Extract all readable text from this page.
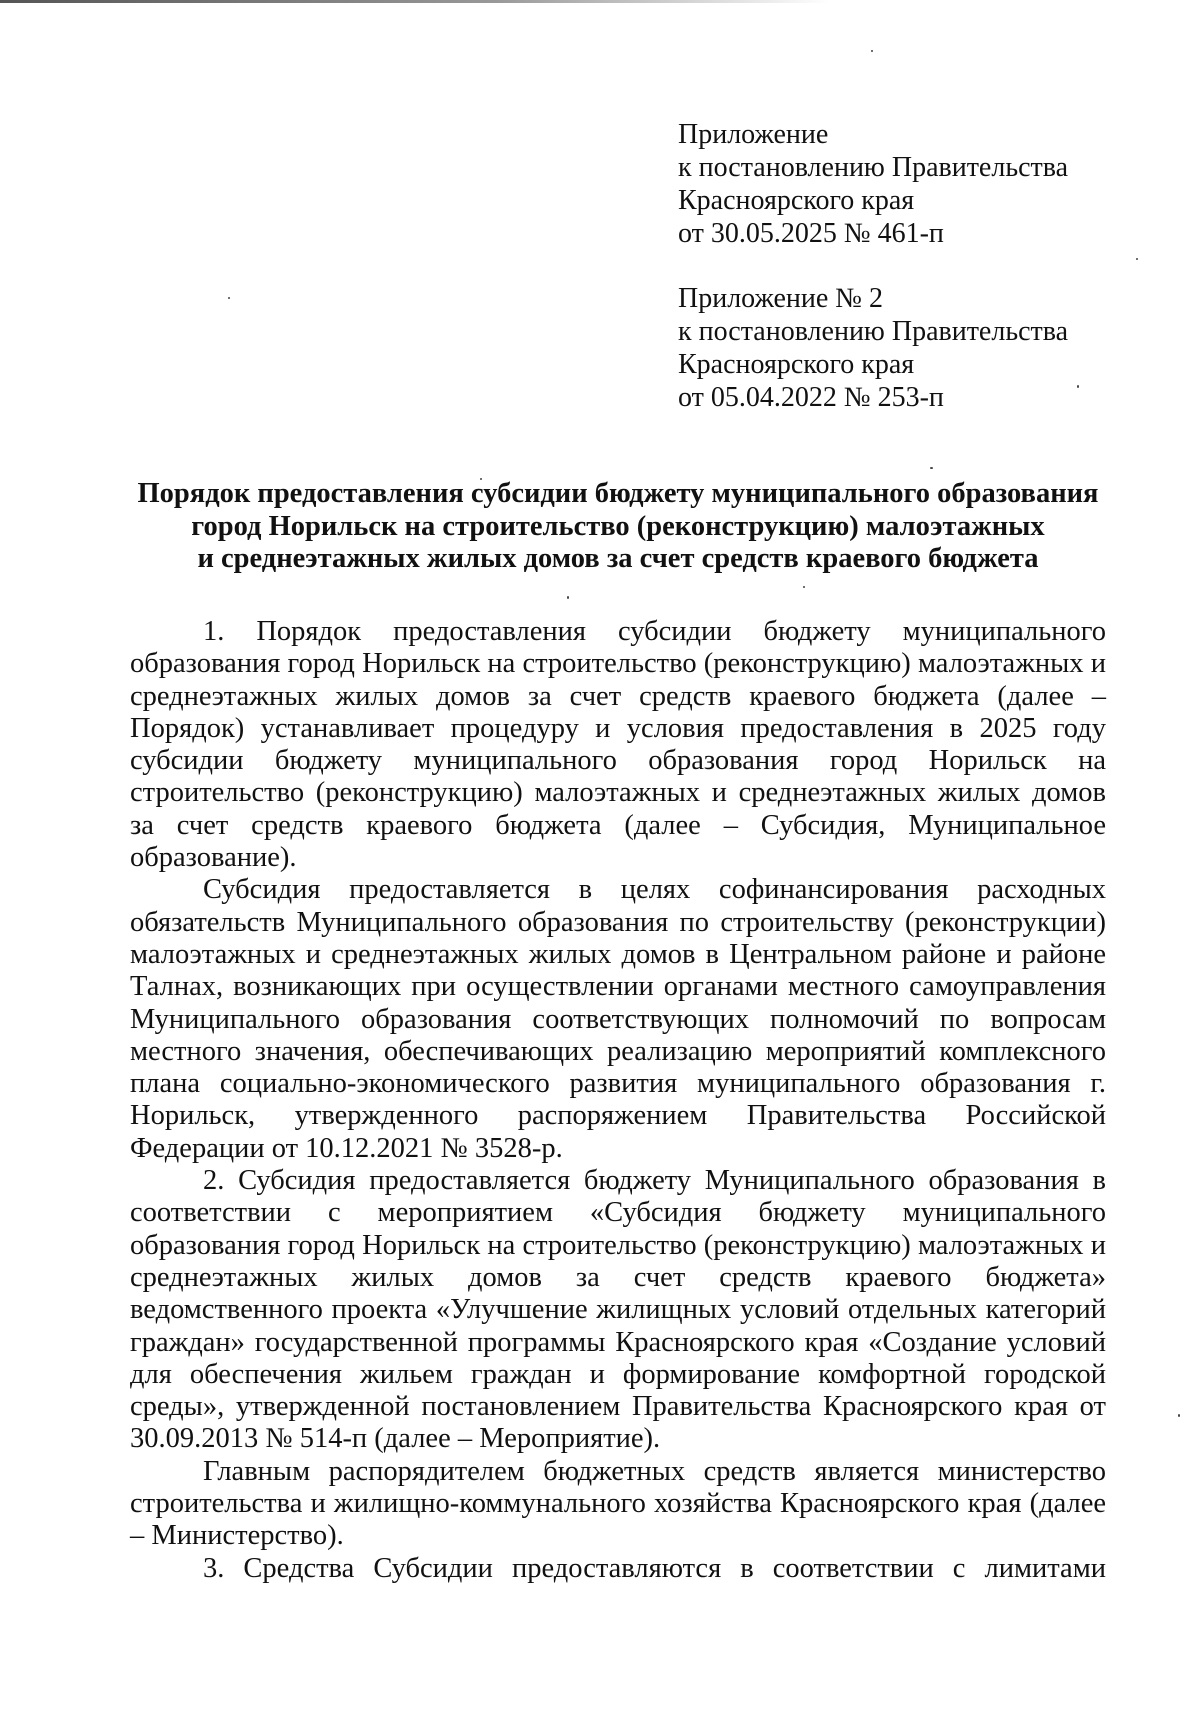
Приложение
к постановлению Правительства
Красноярского края
от 30.05.2025 № 461-п
Приложение № 2
к постановлению Правительства
Красноярского края
от 05.04.2022 № 253-п
Порядок предоставления субсидии бюджету муниципального образования
город Норильск на строительство (реконструкцию) малоэтажных
и среднеэтажных жилых домов за счет средств краевого бюджета

1. Порядок предоставления субсидии бюджету муниципального образования город Норильск на строительство (реконструкцию) малоэтажных и среднеэтажных жилых домов за счет средств краевого бюджета (далее – Порядок) устанавливает процедуру и условия предоставления в 2025 году субсидии бюджету муниципального образования город Норильск на строительство (реконструкцию) малоэтажных и среднеэтажных жилых домов за счет средств краевого бюджета (далее – Субсидия, Муниципальное образование).

Субсидия предоставляется в целях софинансирования расходных обязательств Муниципального образования по строительству (реконструкции) малоэтажных и среднеэтажных жилых домов в Центральном районе и районе Талнах, возникающих при осуществлении органами местного самоуправления Муниципального образования соответствующих полномочий по вопросам местного значения, обеспечивающих реализацию мероприятий комплексного плана социально-экономического развития муниципального образования г. Норильск, утвержденного распоряжением Правительства Российской Федерации от 10.12.2021 № 3528-р.

2. Субсидия предоставляется бюджету Муниципального образования в соответствии с мероприятием «Субсидия бюджету муниципального образования город Норильск на строительство (реконструкцию) малоэтажных и среднеэтажных жилых домов за счет средств краевого бюджета» ведомственного проекта «Улучшение жилищных условий отдельных категорий граждан» государственной программы Красноярского края «Создание условий для обеспечения жильем граждан и формирование комфортной городской среды», утвержденной постановлением Правительства Красноярского края от 30.09.2013 № 514-п (далее – Мероприятие).

Главным распорядителем бюджетных средств является министерство строительства и жилищно-коммунального хозяйства Красноярского края (далее – Министерство).

3. Средства Субсидии предоставляются в соответствии с лимитами
